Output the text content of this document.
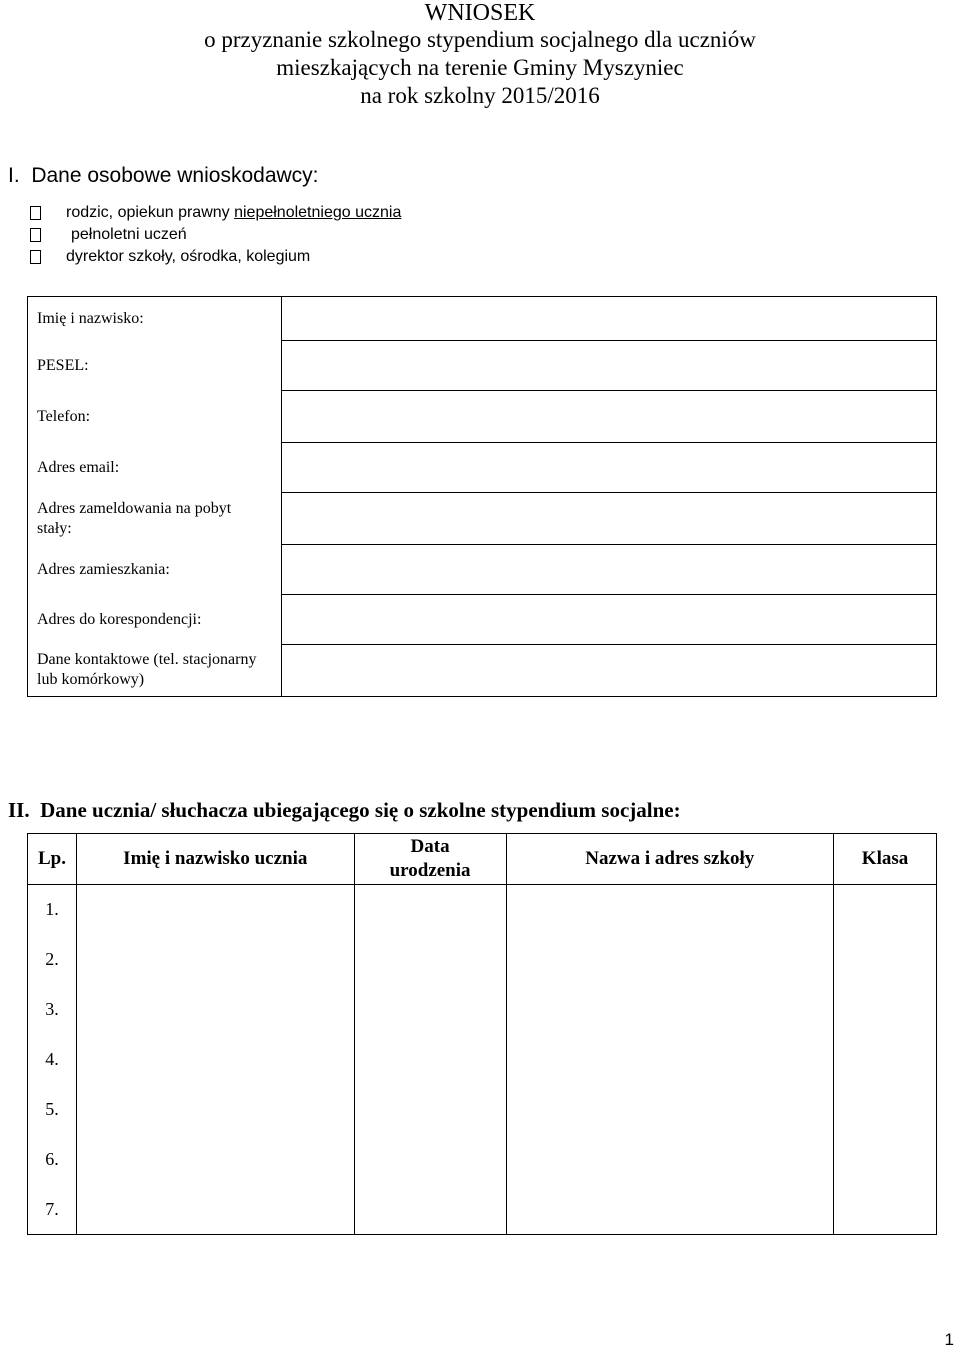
WNIOSEK
o przyznanie szkolnego stypendium socjalnego dla uczniów
mieszkających na terenie Gminy Myszyniec
na rok szkolny 2015/2016
I.  Dane osobowe wnioskodawcy:
rodzic, opiekun prawny niepełnoletniego ucznia
pełnoletni uczeń
dyrektor szkoły, ośrodka, kolegium
Imię i nazwisko:	
PESEL:	
Telefon:	
Adres email:	
Adres zameldowania na pobyt stały:	
Adres zamieszkania:	
Adres do korespondencji:	
Dane kontaktowe (tel. stacjonarny lub komórkowy)	
II.  Dane ucznia/ słuchacza ubiegającego się o szkolne stypendium socjalne:
Lp.	Imię i nazwisko ucznia	Data urodzenia	Nazwa i adres szkoły	Klasa
1.				
2.				
3.				
4.				
5.				
6.				
7.				
1
